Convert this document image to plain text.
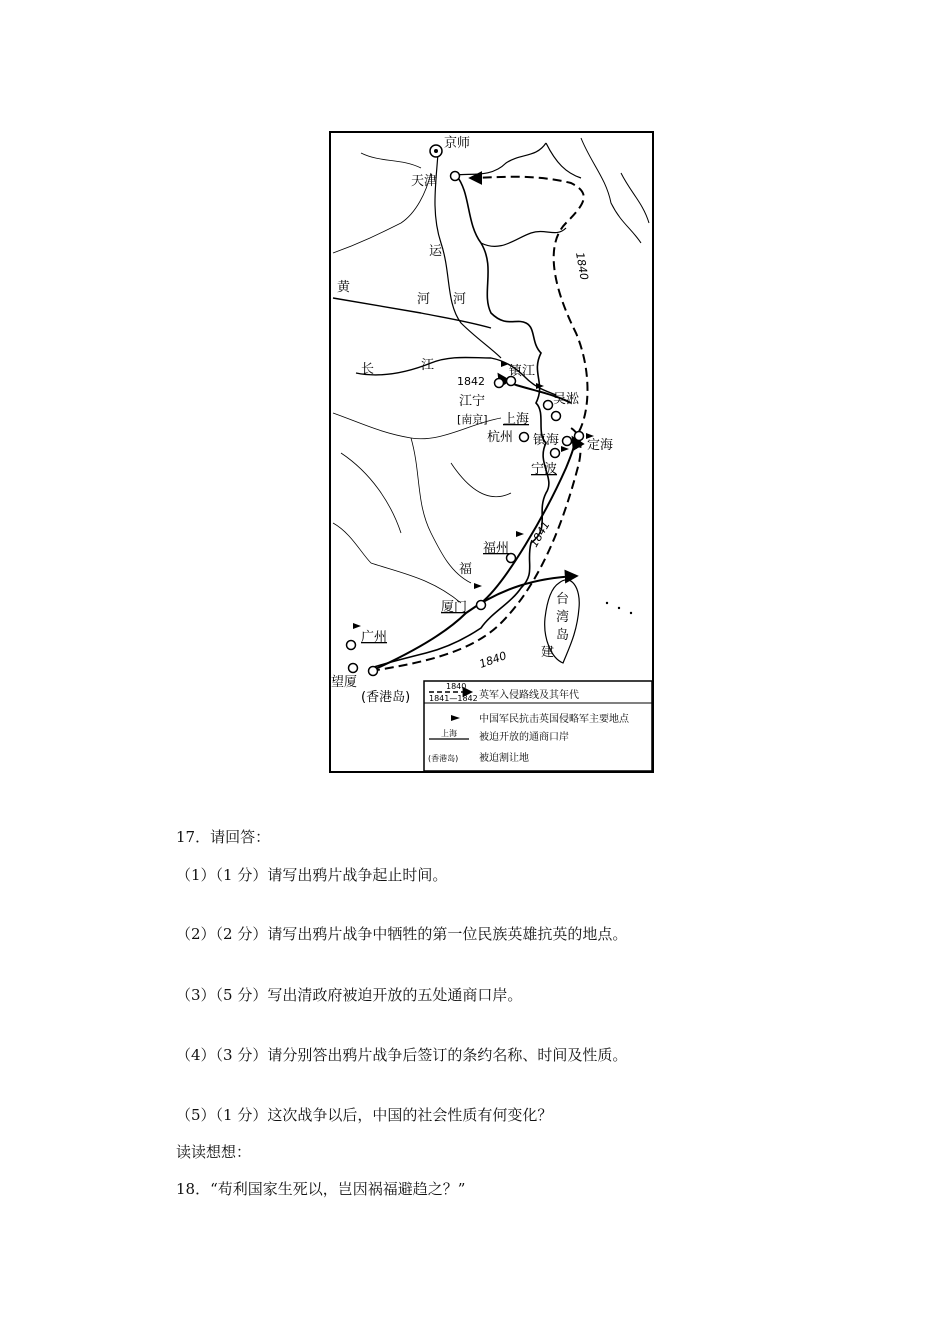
京师
天津
运
河 河
黄
长	江	镇江
1842
江宁	吴淞
[南京] 上海
杭州 镇海 定海
宁波
福州
福
建
厦门
广州
望厦
(香港岛)
台
湾
岛
1840
1841
1840
1840
1841—1842 英军入侵路线及其年代
中国军民抗击英国侵略军主要地点
上海 被迫开放的通商口岸
(香港岛) 被迫割让地
17．请回答：
（1）（1 分）请写出鸦片战争起止时间。
（2）（2 分）请写出鸦片战争中牺牲的第一位民族英雄抗英的地点。
（3）（5 分）写出清政府被迫开放的五处通商口岸。
（4）（3 分）请分别答出鸦片战争后签订的条约名称、时间及性质。
（5）（1 分）这次战争以后，中国的社会性质有何变化？
读读想想：
18．“苟利国家生死以，岂因祸福避趋之？”
